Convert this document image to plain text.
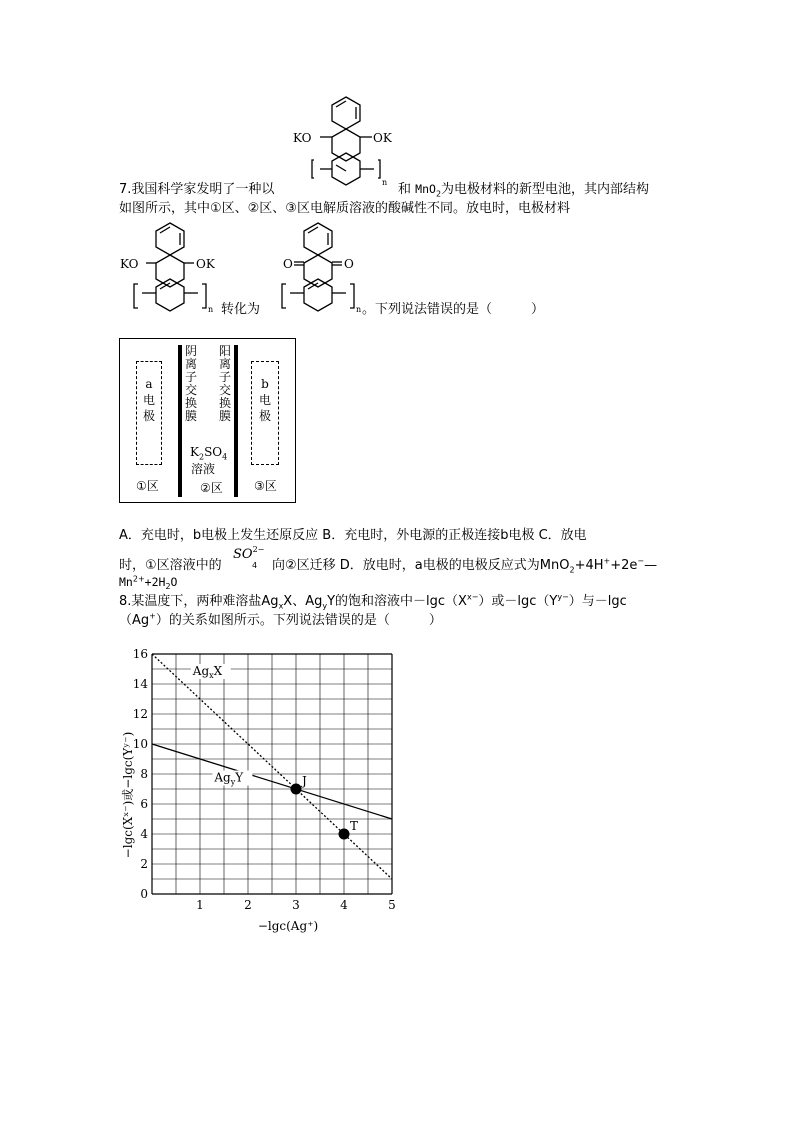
KO	OK
n
7.我国科学家发明了一种以	和 MnO$_2$为电极材料的新型电池，其内部结构
如图所示，其中①区、②区、③区电解质溶液的酸碱性不同。放电时，电极材料
KO	OK
n 转化为
O	O
n 。下列说法错误的是（　　　）
a
电
极
阴
离
子
交
换
膜
阳
离
子
交
换
膜
b
电
极
$K_2SO_4$
溶液
①区	②区	③区
A．充电时，b电极上发生还原反应 B．充电时，外电源的正极连接b电极 C．放电
时，①区溶液中的
$SO^{2-}$
4 向②区迁移 D．放电时，a电极的电极反应式为MnO$_2$+4H++2e−—
$Mn^{2+}+2H_2O$
8.某温度下，两种难溶盐$Ag_xX$、$Ag_yY$的饱和溶液中$-\lg c(X^{x-})$或$-\lg c(Y^{y-})$与－lgc
（Ag+）的关系如图所示。下列说法错误的是（　　　）
$Ag_xX$
$Ag_yY$
1	2	3	4	5
0
2
4
6
8
10
12
14
16
J
T
−lgc(Ag⁺)
−lgc(Xˣ⁻)或−lgc(Yʸ⁻)
